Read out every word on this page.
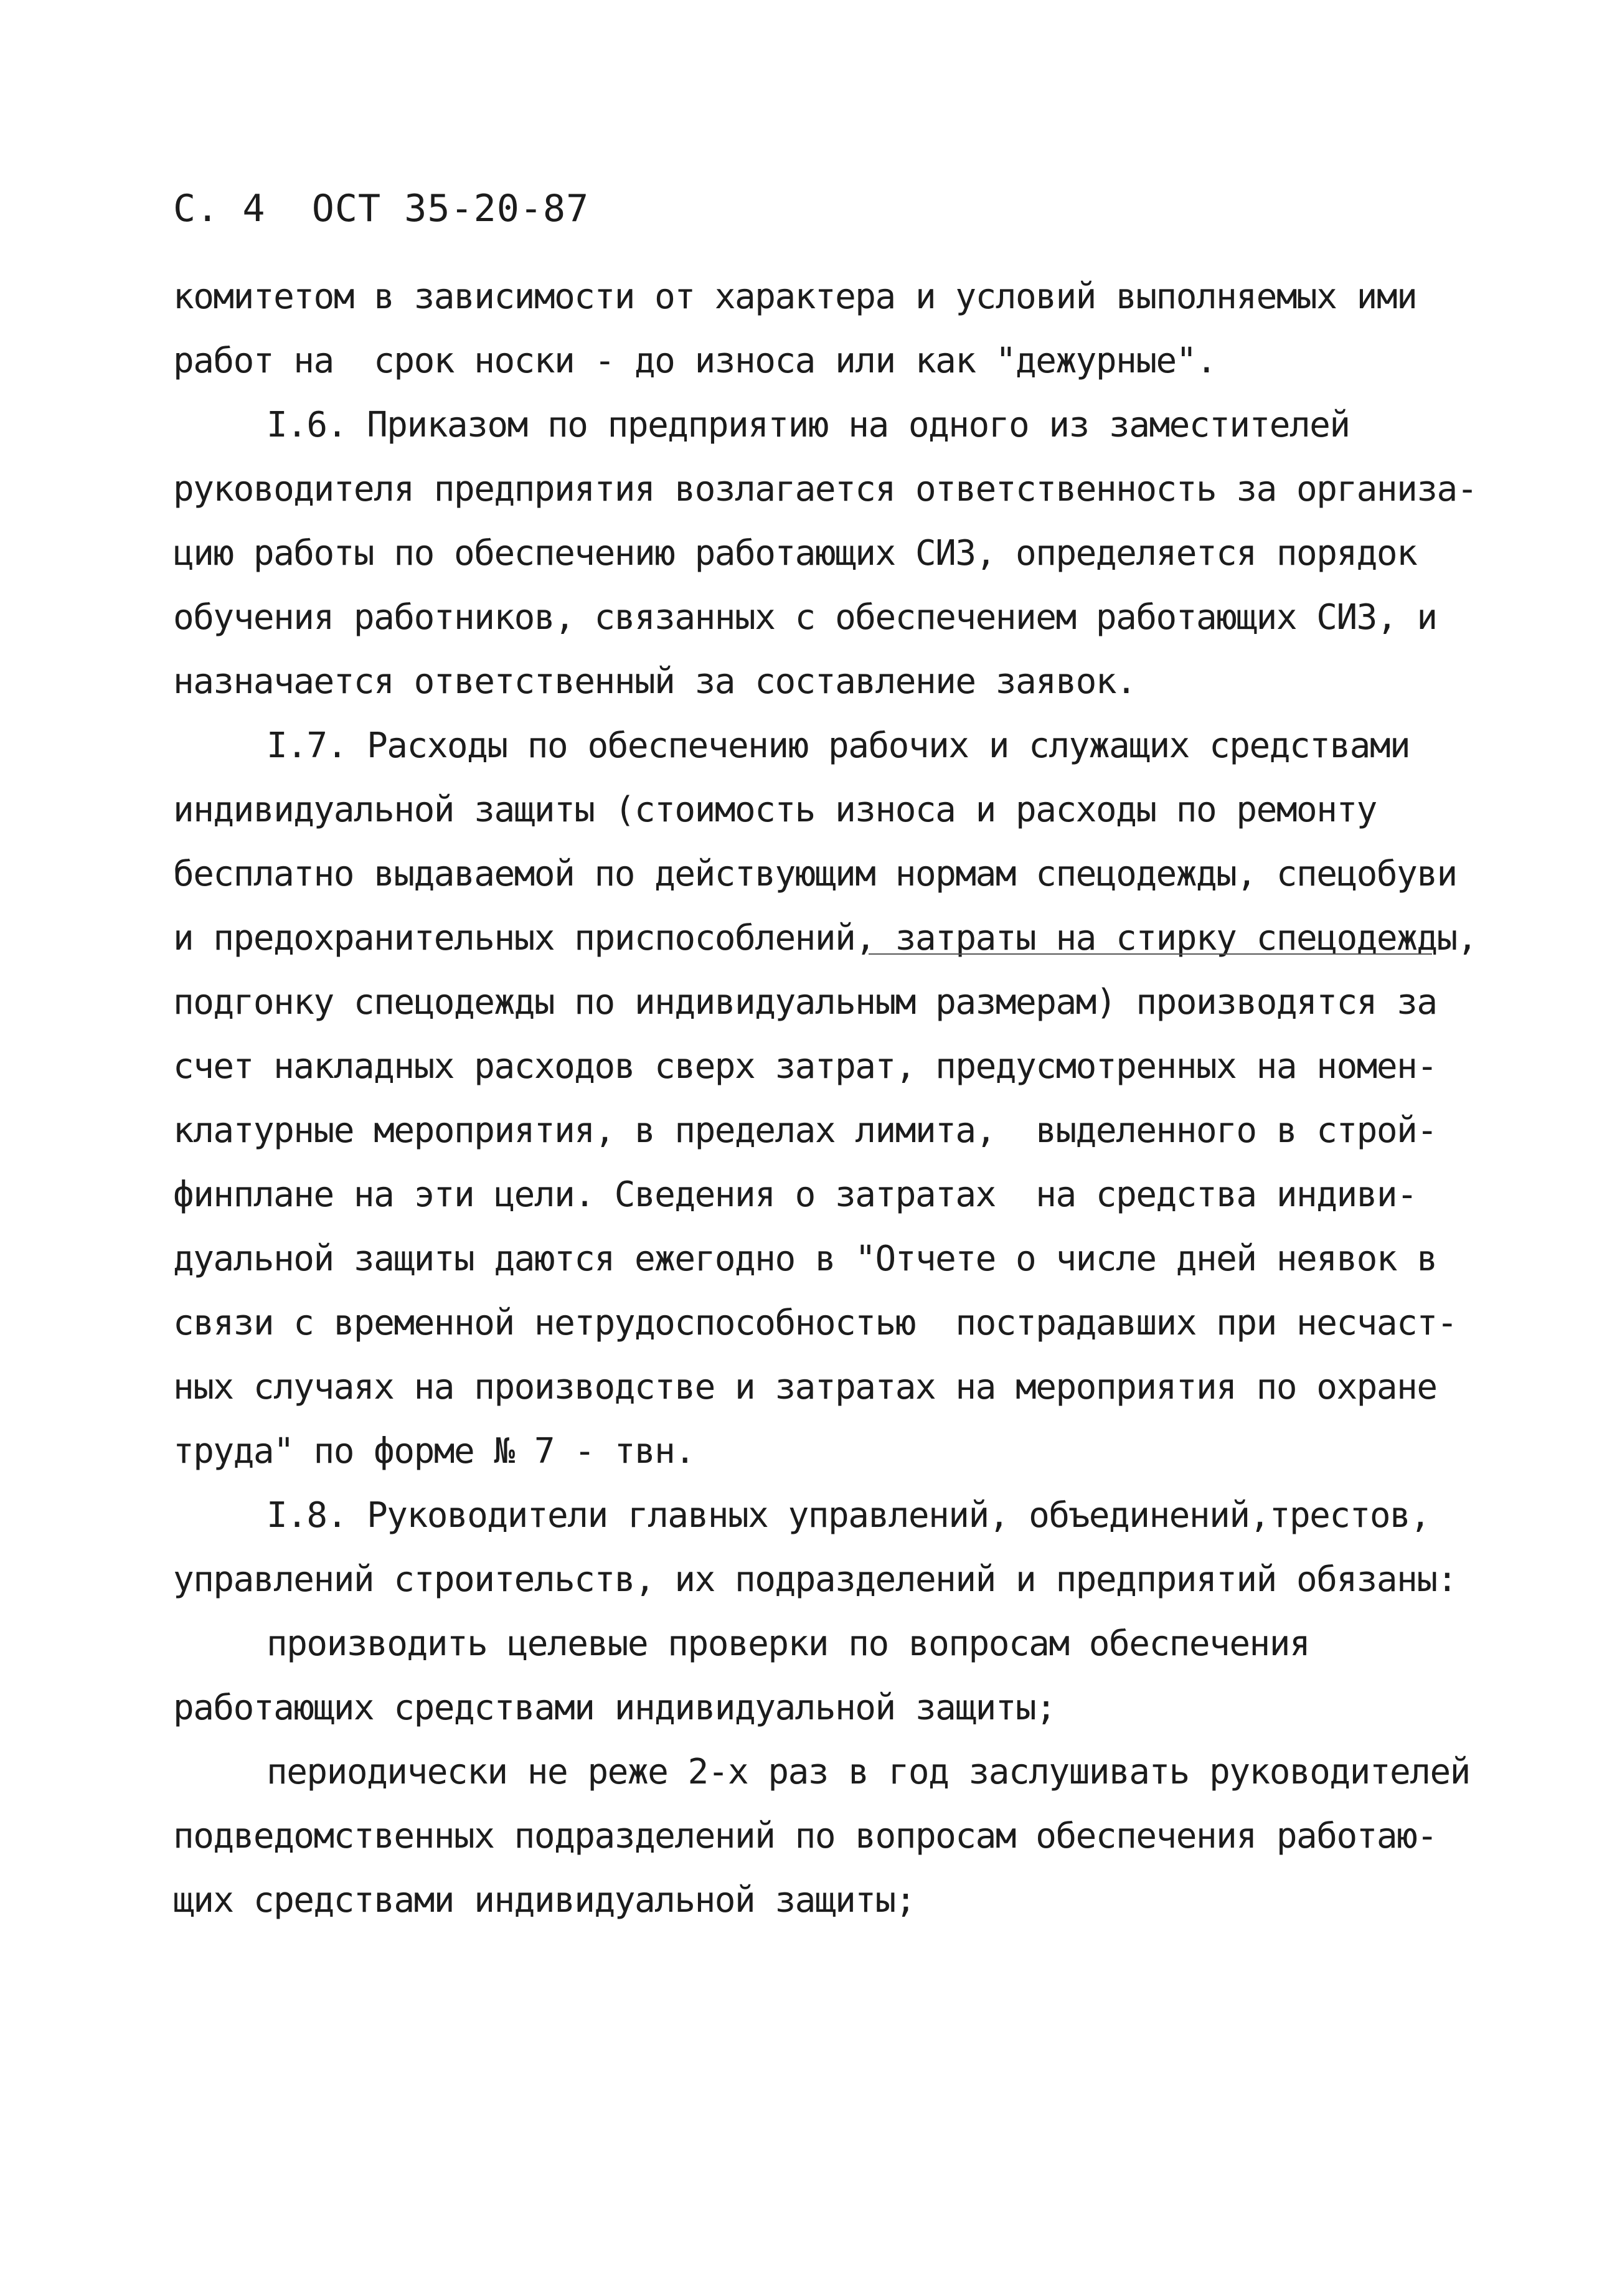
С. 4  ОСТ 35-20-87
комитетом в зависимости от характера и условий выполняемых ими
работ на  срок носки - до износа или как "дежурные".
I.6. Приказом по предприятию на одного из заместителей
руководителя предприятия возлагается ответственность за организа-
цию работы по обеспечению работающих СИЗ, определяется порядок
обучения работников, связанных с обеспечением работающих СИЗ, и
назначается ответственный за составление заявок.
I.7. Расходы по обеспечению рабочих и служащих средствами
индивидуальной защиты (стоимость износа и расходы по ремонту
бесплатно выдаваемой по действующим нормам спецодежды, спецобуви
и предохранительных приспособлений, затраты на стирку спецодежды,
подгонку спецодежды по индивидуальным размерам) производятся за
счет накладных расходов сверх затрат, предусмотренных на номен-
клатурные мероприятия, в пределах лимита,  выделенного в строй-
финплане на эти цели. Сведения о затратах  на средства индиви-
дуальной защиты даются ежегодно в "Отчете о числе дней неявок в
связи с временной нетрудоспособностью  пострадавших при несчаст-
ных случаях на производстве и затратах на мероприятия по охране
труда" по форме № 7 - твн.
I.8. Руководители главных управлений, объединений,трестов,
управлений строительств, их подразделений и предприятий обязаны:
производить целевые проверки по вопросам обеспечения
работающих средствами индивидуальной защиты;
периодически не реже 2-х раз в год заслушивать руководителей
подведомственных подразделений по вопросам обеспечения работаю-
щих средствами индивидуальной защиты;
